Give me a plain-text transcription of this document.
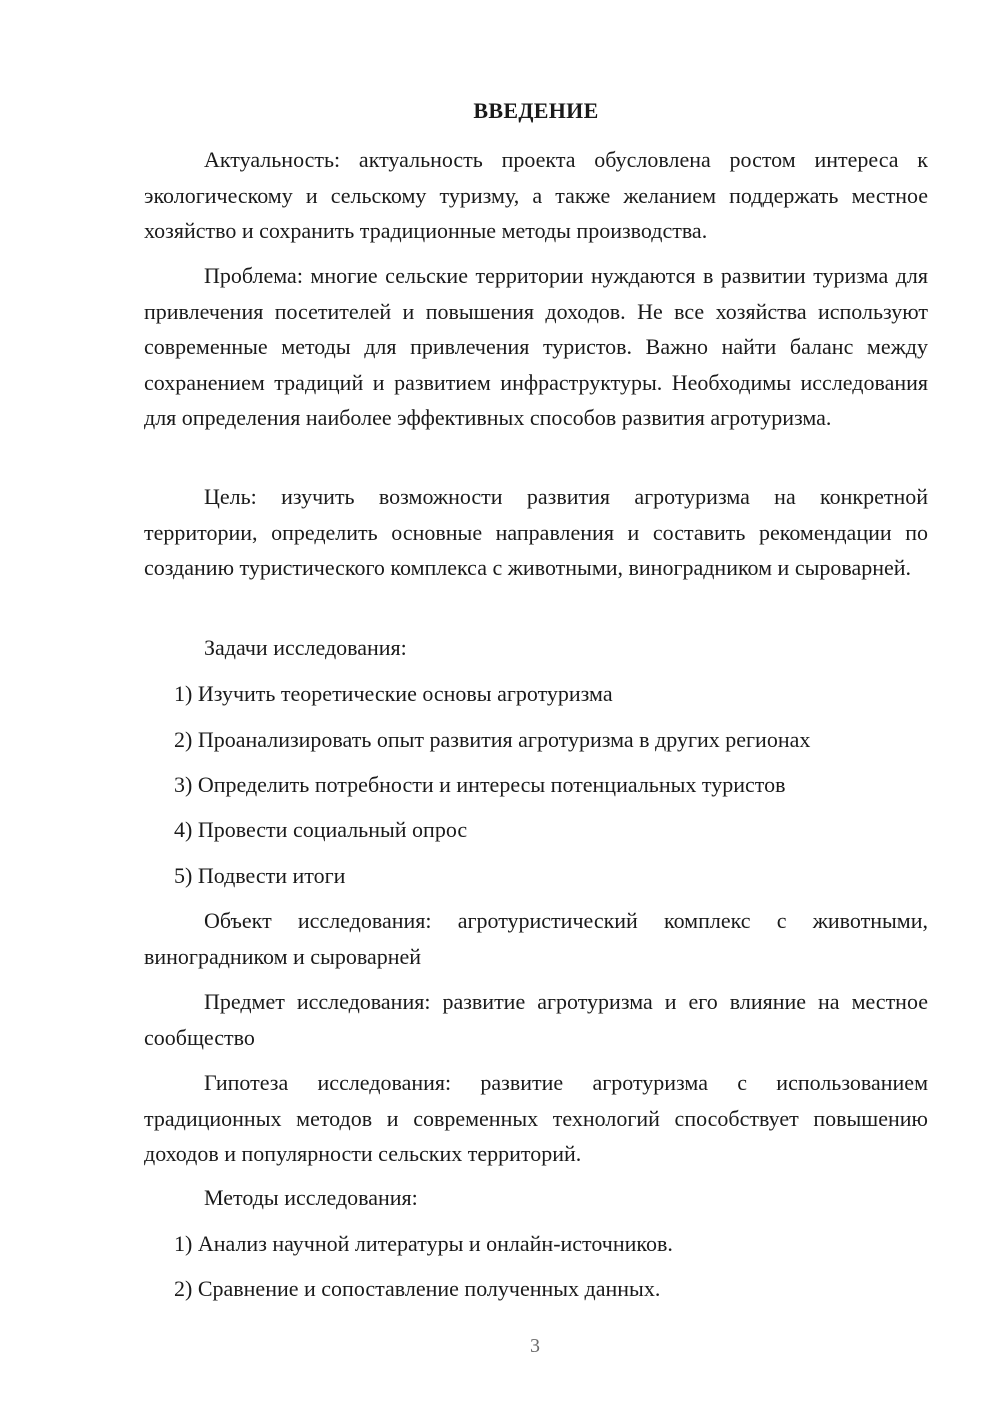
ВВЕДЕНИЕ

Актуальность: актуальность проекта обусловлена ростом интереса к экологическому и сельскому туризму, а также желанием поддержать местное хозяйство и сохранить традиционные методы производства.

Проблема: многие сельские территории нуждаются в развитии туризма для привлечения посетителей и повышения доходов. Не все хозяйства используют современные методы для привлечения туристов. Важно найти баланс между сохранением традиций и развитием инфраструктуры. Необходимы исследования для определения наиболее эффективных способов развития агротуризма.

Цель: изучить возможности развития агротуризма на конкретной территории, определить основные направления и составить рекомендации по созданию туристического комплекса с животными, виноградником и сыроварней.

Задачи исследования:

1) Изучить теоретические основы агротуризма

2) Проанализировать опыт развития агротуризма в других регионах

3) Определить потребности и интересы потенциальных туристов

4) Провести социальный опрос

5) Подвести итоги

Объект исследования: агротуристический комплекс с животными, виноградником и сыроварней

Предмет исследования: развитие агротуризма и его влияние на местное сообщество

Гипотеза исследования: развитие агротуризма с использованием традиционных методов и современных технологий способствует повышению доходов и популярности сельских территорий.

Методы исследования:

1) Анализ научной литературы и онлайн-источников.

2) Сравнение и сопоставление полученных данных.

3
